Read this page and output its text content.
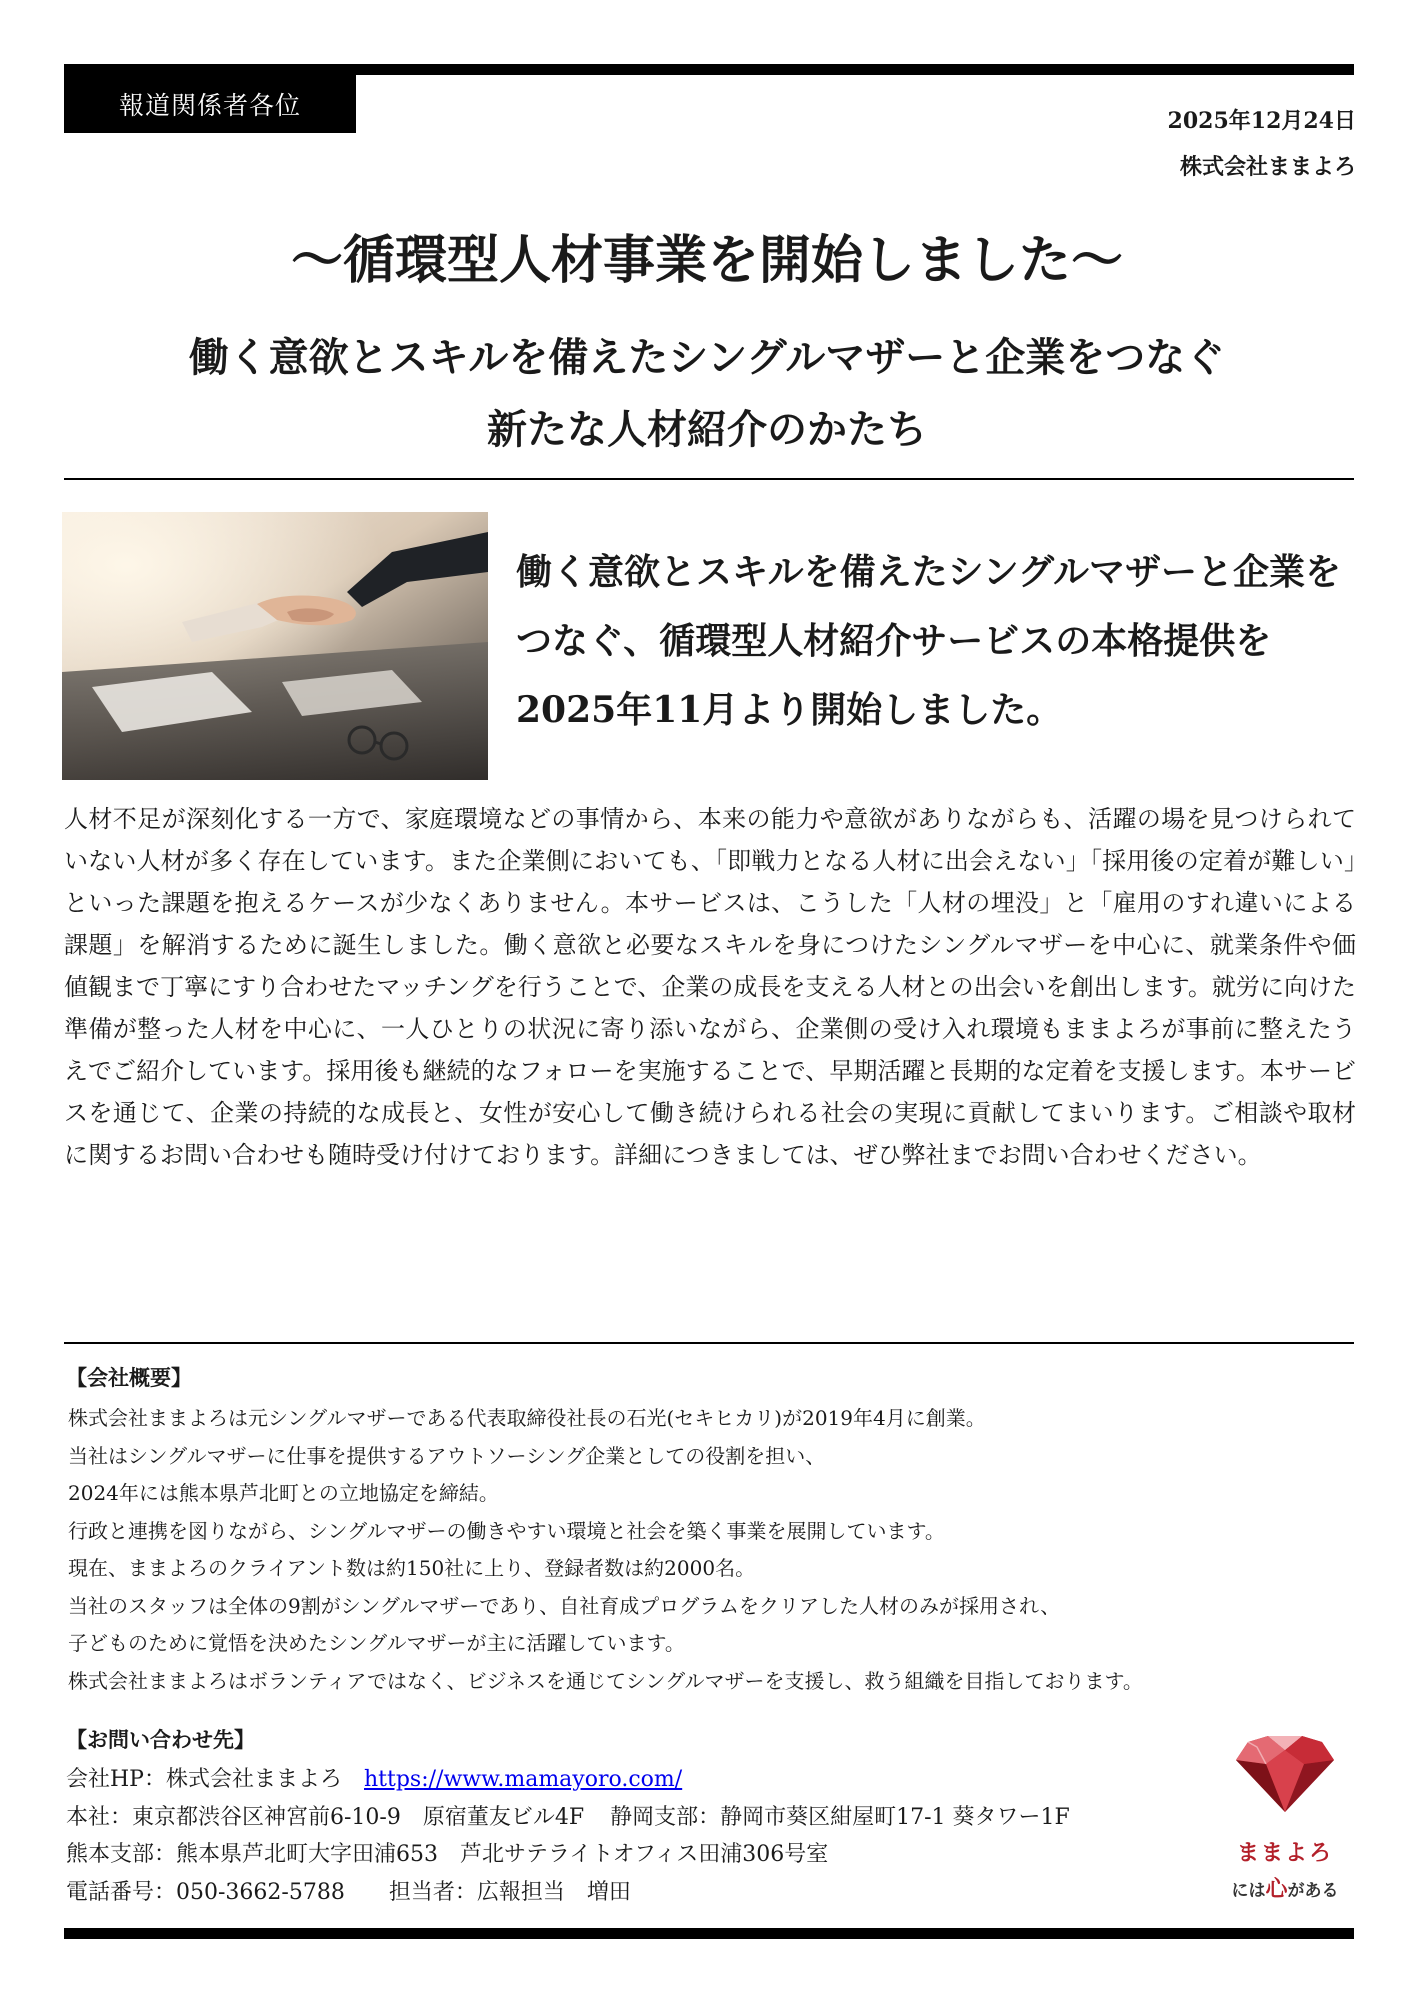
報道関係者各位
2025年12月24日
株式会社ままよろ
〜循環型人材事業を開始しました〜
働く意欲とスキルを備えたシングルマザーと企業をつなぐ
新たな人材紹介のかたち
働く意欲とスキルを備えたシングルマザーと企業をつなぐ、循環型人材紹介サービスの本格提供を2025年11月より開始しました。
人材不足が深刻化する一方で、家庭環境などの事情から、本来の能力や意欲がありながらも、活躍の場を見つけられていない人材が多く存在しています。また企業側においても、「即戦力となる人材に出会えない」「採用後の定着が難しい」といった課題を抱えるケースが少なくありません。本サービスは、こうした「人材の埋没」と「雇用のすれ違いによる課題」を解消するために誕生しました。働く意欲と必要なスキルを身につけたシングルマザーを中心に、就業条件や価値観まで丁寧にすり合わせたマッチングを行うことで、企業の成長を支える人材との出会いを創出します。就労に向けた準備が整った人材を中心に、一人ひとりの状況に寄り添いながら、企業側の受け入れ環境もままよろが事前に整えたうえでご紹介しています。採用後も継続的なフォローを実施することで、早期活躍と長期的な定着を支援します。本サービスを通じて、企業の持続的な成長と、女性が安心して働き続けられる社会の実現に貢献してまいります。ご相談や取材に関するお問い合わせも随時受け付けております。詳細につきましては、ぜひ弊社までお問い合わせください。
【会社概要】
株式会社ままよろは元シングルマザーである代表取締役社長の石光(セキヒカリ)が2019年4月に創業。
当社はシングルマザーに仕事を提供するアウトソーシング企業としての役割を担い、
2024年には熊本県芦北町との立地協定を締結。
行政と連携を図りながら、シングルマザーの働きやすい環境と社会を築く事業を展開しています。
現在、ままよろのクライアント数は約150社に上り、登録者数は約2000名。
当社のスタッフは全体の9割がシングルマザーであり、自社育成プログラムをクリアした人材のみが採用され、
子どものために覚悟を決めたシングルマザーが主に活躍しています。
株式会社ままよろはボランティアではなく、ビジネスを通じてシングルマザーを支援し、救う組織を目指しております。
【お問い合わせ先】
会社HP：株式会社ままよろ https://www.mamayoro.com/
本社：東京都渋谷区神宮前6-10-9　原宿董友ビル4F 静岡支部：静岡市葵区紺屋町17-1 葵タワー1F
熊本支部：熊本県芦北町大字田浦653　芦北サテライトオフィス田浦306号室
電話番号：050-3662-5788 担当者：広報担当　増田
ままよろ
には心がある
